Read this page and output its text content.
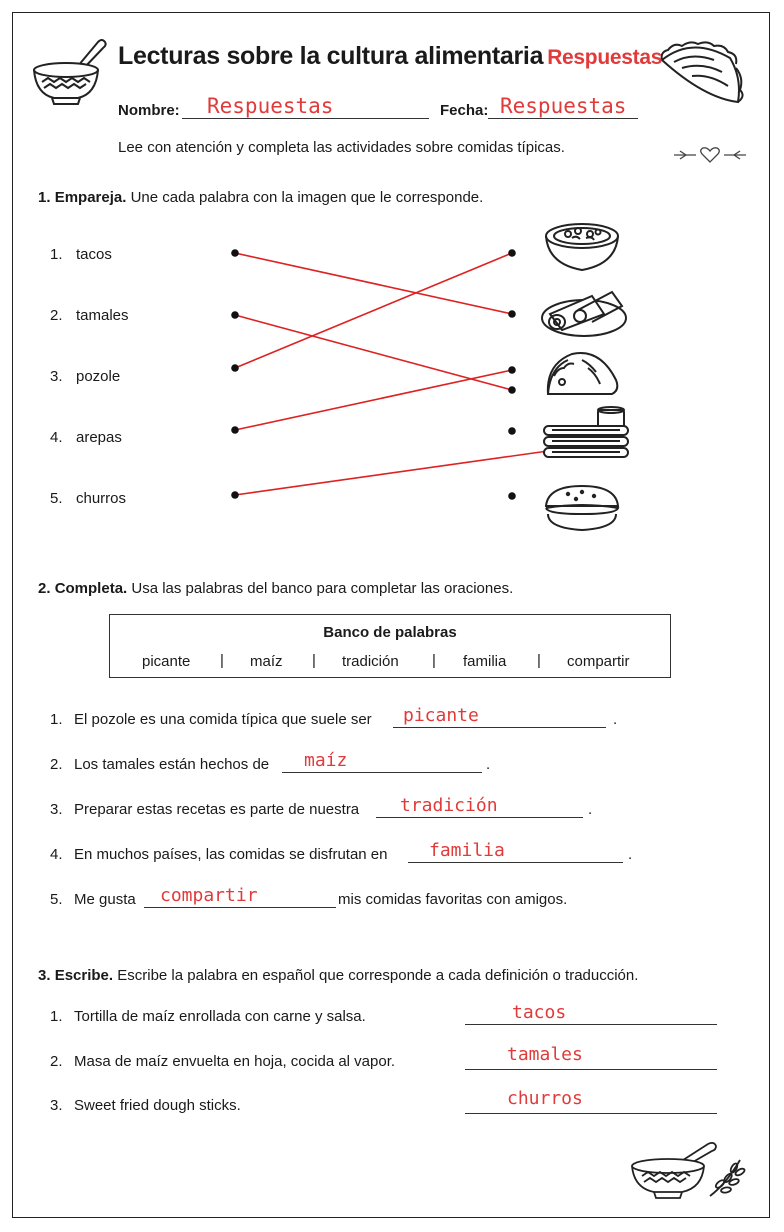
Lecturas sobre la cultura alimentaria Respuestas
Nombre: Respuestas	Fecha: Respuestas
Lee con atención y completa las actividades sobre comidas típicas.
1. Empareja. Une cada palabra con la imagen que le corresponde.
1. tacos
2. tamales
3. pozole
4. arepas
5. churros
2. Completa. Usa las palabras del banco para completar las oraciones.
Banco de palabras
picante | maíz | tradición | familia | compartir
1. El pozole es una comida típica que suele ser picante	.
2. Los tamales están hechos de maíz	.
3. Preparar estas recetas es parte de nuestra tradición	.
4. En muchos países, las comidas se disfrutan en familia	.
5. Me gusta compartir	mis comidas favoritas con amigos.
3. Escribe. Escribe la palabra en español que corresponde a cada definición o traducción.
1. Tortilla de maíz enrollada con carne y salsa.	tacos
2. Masa de maíz envuelta en hoja, cocida al vapor.	tamales
3. Sweet fried dough sticks.	churros
